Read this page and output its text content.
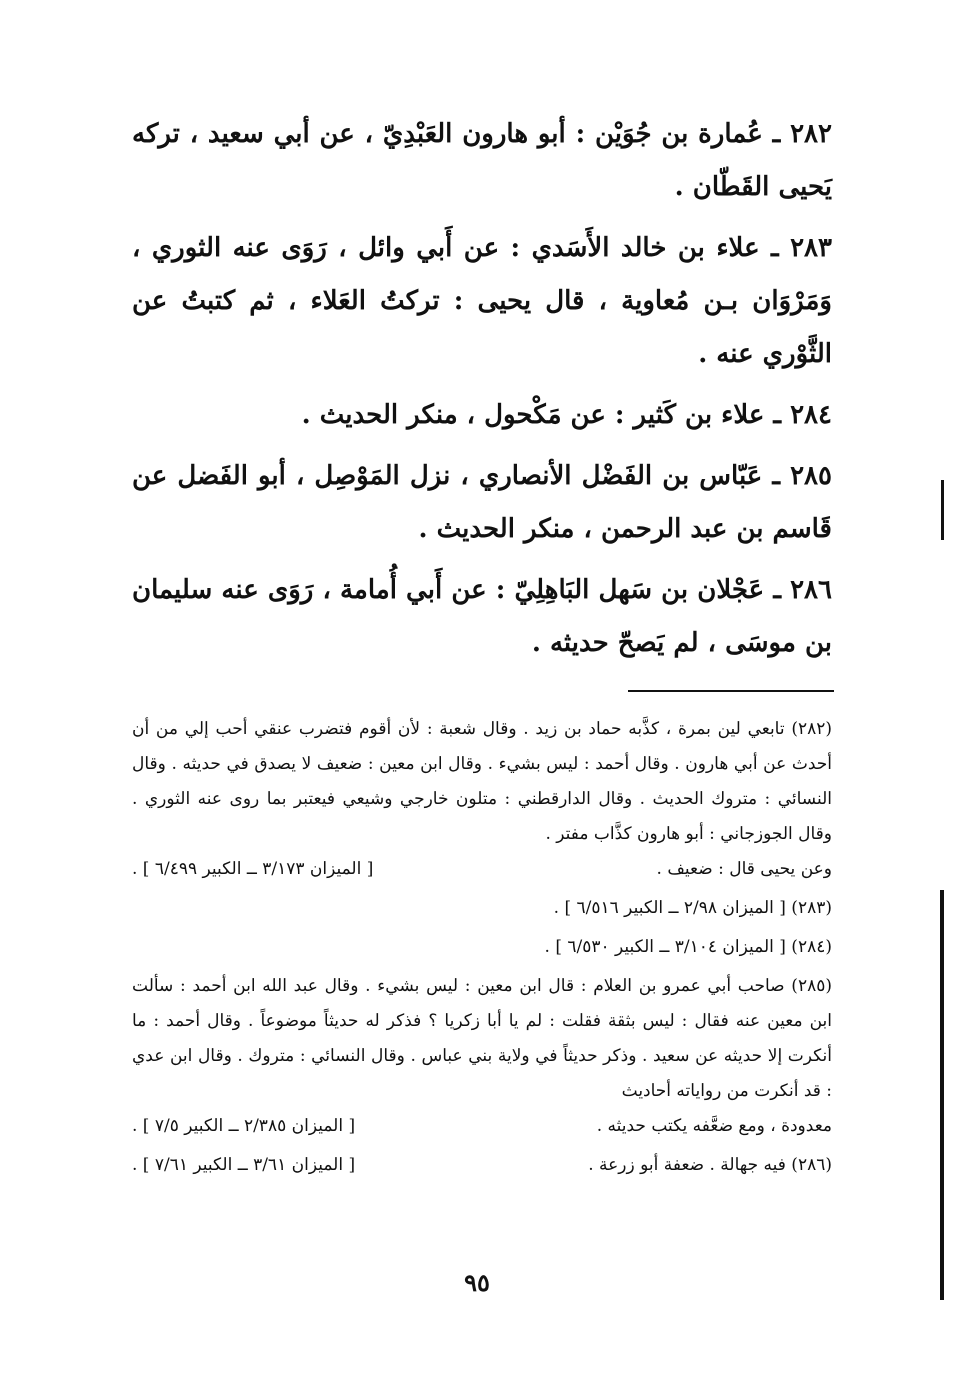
٢٨٢ ـ عُمارة بن جُوَيْن : أبو هارون العَبْدِيّ ، عن أبي سعيد ، تركه يَحيى القَطّان .

٢٨٣ ـ علاء بن خالد الأَسَدي : عن أَبي وائل ، رَوَى عنه الثوري ، وَمَرْوَان بـن مُعاوية ، قال يحيى : تركتُ العَلاء ، ثم كتبتُ عن الثَّوْري عنه .

٢٨٤ ـ علاء بن كَثير : عن مَكْحول ، منكر الحديث .

٢٨٥ ـ عَبّاس بن الفَضْل الأنصاري ، نزل المَوْصِل ، أبو الفَضل عن قَاسم بن عبد الرحمن ، منكر الحديث .

٢٨٦ ـ عَجْلان بن سَهل البَاهِلِيّ : عن أَبي أُمامة ، رَوَى عنه سليمان بن موسَى ، لم يَصحّ حديثه .

(٢٨٢) تابعي لين بمرة ، كذَّبه حماد بن زيد . وقال شعبة : لأن أقوم فتضرب عنقي أحب إلي من أن أحدث عن أبي هارون . وقال أحمد : ليس بشيء . وقال ابن معين : ضعيف لا يصدق في حديثه . وقال النسائي : متروك الحديث . وقال الدارقطني : متلون خارجي وشيعي فيعتبر بما روى عنه الثوري . وقال الجوزجاني : أبو هارون كذَّاب مفتر .

وعن يحيى قال : ضعيف .
[ الميزان ٣/١٧٣ ــ الكبير ٦/٤٩٩ ] .

(٢٨٣) [ الميزان ٢/٩٨ ــ الكبير ٦/٥١٦ ] .

(٢٨٤) [ الميزان ٣/١٠٤ ــ الكبير ٦/٥٣٠ ] .

(٢٨٥) صاحب أبي عمرو بن العلام : قال ابن معين : ليس بشيء . وقال عبد الله ابن أحمد : سألت ابن معين عنه فقال : ليس بثقة فقلت : لم يا أبا زكريا ؟ فذكر له حديثاً موضوعاً . وقال أحمد : ما أنكرت إلا حديثه عن سعيد . وذكر حديثاً في ولاية بني عباس . وقال النسائي : متروك . وقال ابن عدي : قد أنكرت من رواياته أحاديث

معدودة ، ومع ضعَّفه يكتب حديثه .
[ الميزان ٢/٣٨٥ ــ الكبير ٧/٥ ] .
(٢٨٦) فيه جهالة . ضعفة أبو زرعة .
[ الميزان ٣/٦١ ــ الكبير ٧/٦١ ] .
٩٥
